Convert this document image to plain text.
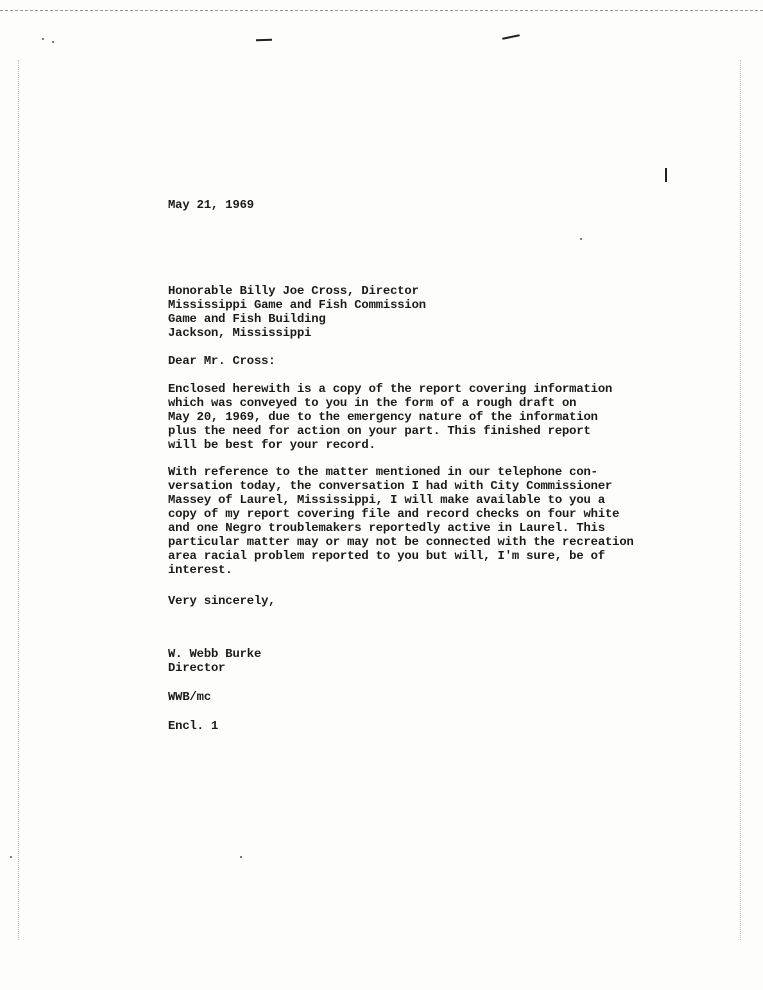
May 21, 1969
Honorable Billy Joe Cross, Director
Mississippi Game and Fish Commission
Game and Fish Building
Jackson, Mississippi
Dear Mr. Cross:
Enclosed herewith is a copy of the report covering information
which was conveyed to you in the form of a rough draft on
May 20, 1969, due to the emergency nature of the information
plus the need for action on your part. This finished report
will be best for your record.
With reference to the matter mentioned in our telephone con-
versation today, the conversation I had with City Commissioner
Massey of Laurel, Mississippi, I will make available to you a
copy of my report covering file and record checks on four white
and one Negro troublemakers reportedly active in Laurel. This
particular matter may or may not be connected with the recreation
area racial problem reported to you but will, I'm sure, be of
interest.
Very sincerely,
W. Webb Burke
Director
WWB/mc
Encl. 1
